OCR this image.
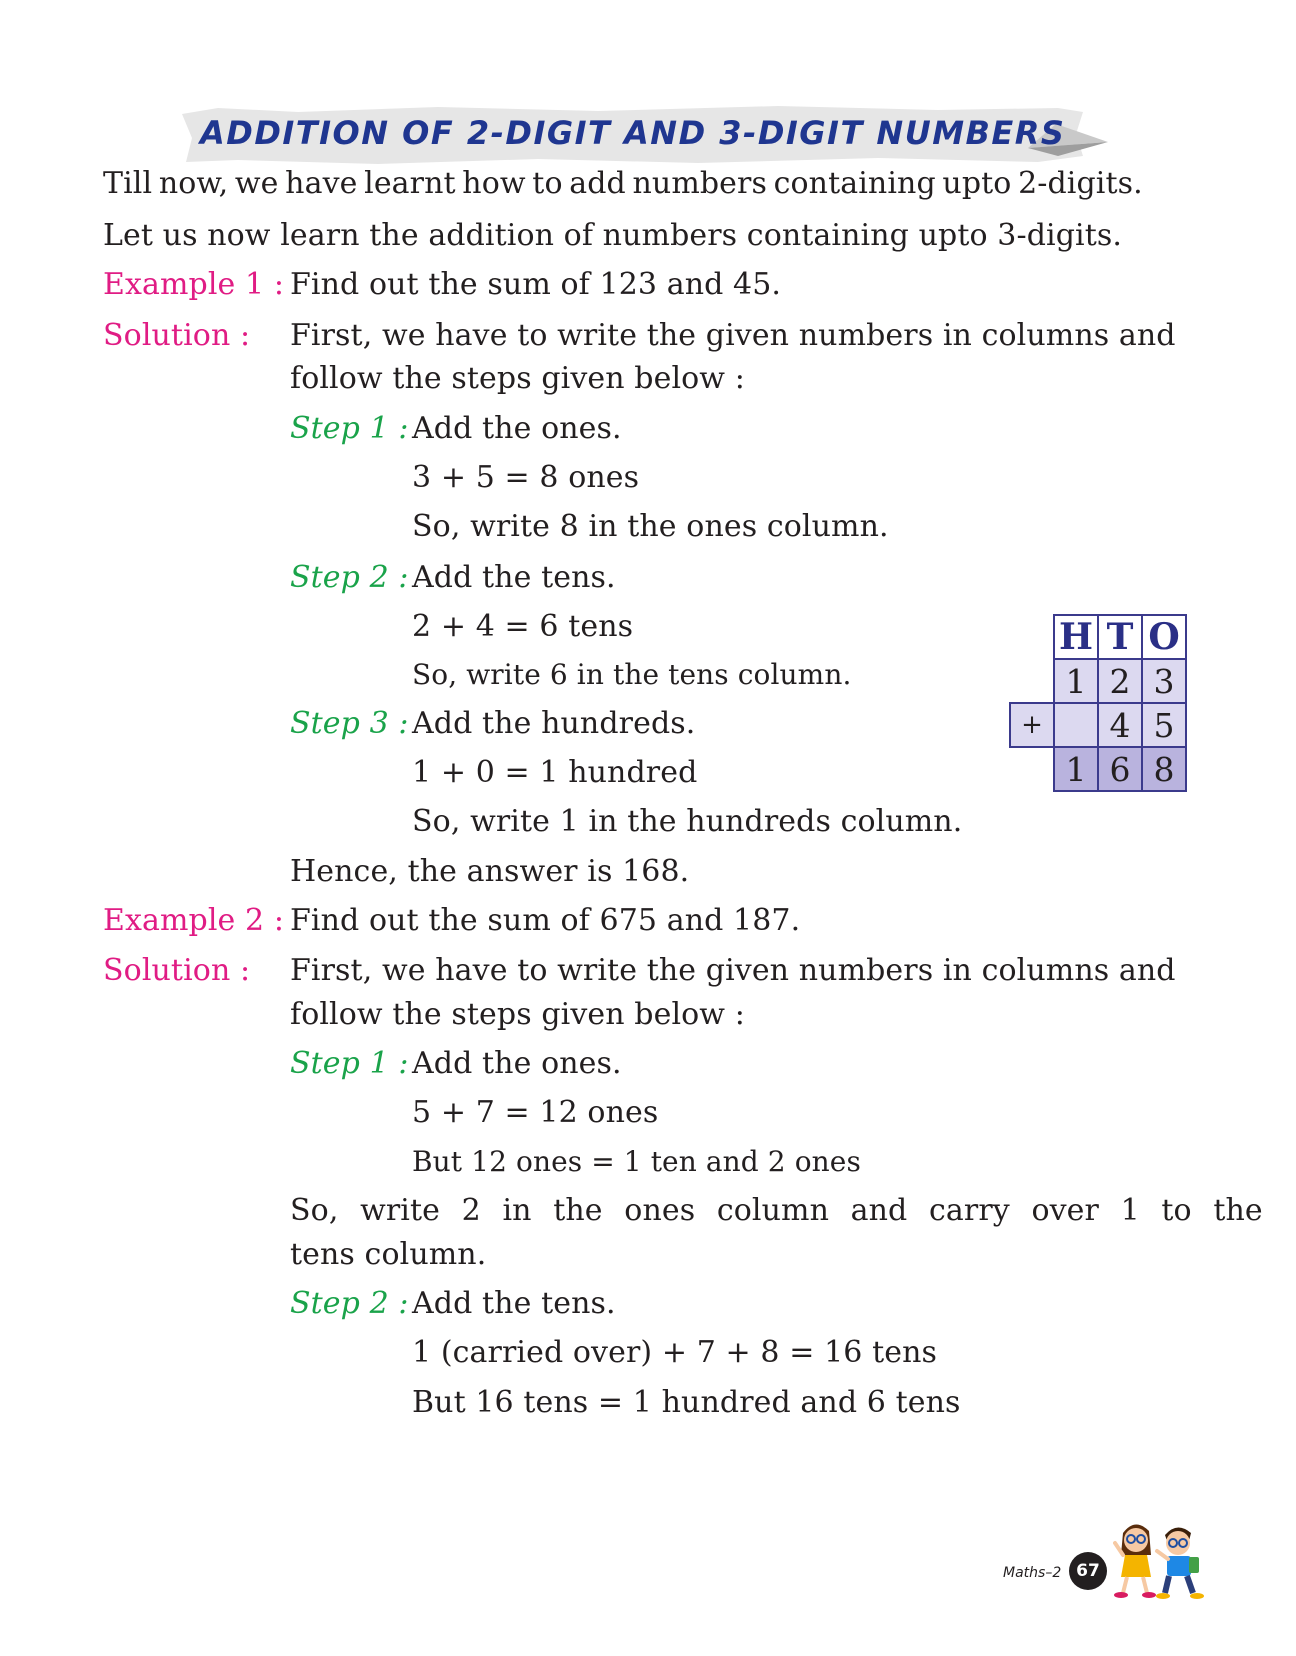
ADDITION OF 2-DIGIT AND 3-DIGIT NUMBERS
Till now, we have learnt how to add numbers containing upto 2-digits.
Let us now learn the addition of numbers containing upto 3-digits.
Example 1 : Find out the sum of 123 and 45.
Solution : First, we have to write the given numbers in columns and
follow the steps given below :
Step 1 : Add the ones.
3 + 5 = 8 ones
So, write 8 in the ones column.
Step 2 : Add the tens.
2 + 4 = 6 tens
So, write 6 in the tens column.
Step 3 : Add the hundreds.
1 + 0 = 1 hundred
So, write 1 in the hundreds column.
Hence, the answer is 168.
H T O
1 2 3
+	4 5
1 6 8
Example 2 : Find out the sum of 675 and 187.
Solution : First, we have to write the given numbers in columns and
follow the steps given below :
Step 1 : Add the ones.
5 + 7 = 12 ones
But 12 ones = 1 ten and 2 ones
So, write 2 in the ones column and carry over 1 to the
tens column.
Step 2 : Add the tens.
1 (carried over) + 7 + 8 = 16 tens
But 16 tens = 1 hundred and 6 tens
Maths–2 67
